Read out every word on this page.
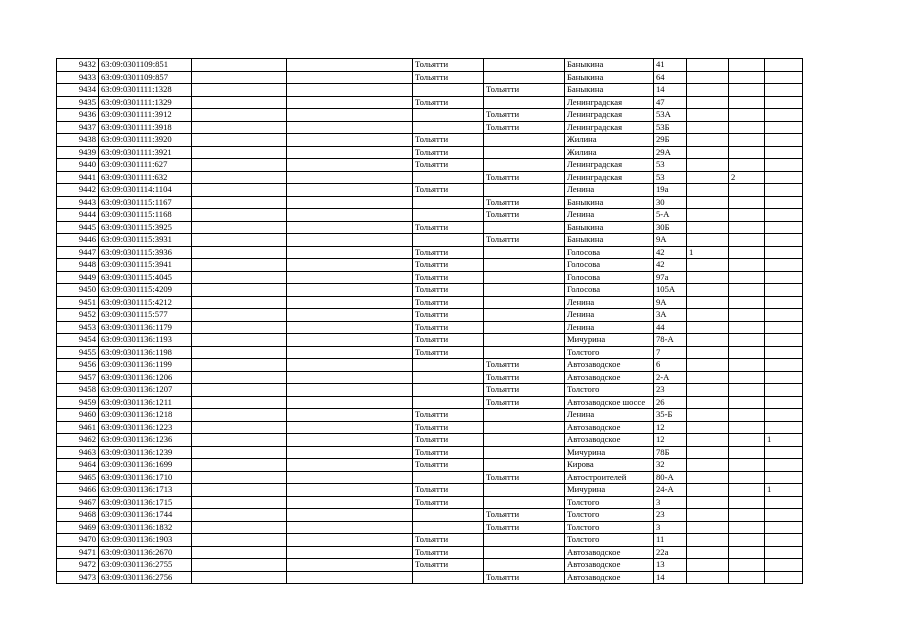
9432	63:09:0301109:851			Тольятти		Баныкина	41			
9433	63:09:0301109:857			Тольятти		Баныкина	64			
9434	63:09:0301111:1328				Тольятти	Баныкина	14			
9435	63:09:0301111:1329			Тольятти		Ленинградская	47			
9436	63:09:0301111:3912				Тольятти	Ленинградская	53А			
9437	63:09:0301111:3918				Тольятти	Ленинградская	53Б			
9438	63:09:0301111:3920			Тольятти		Жилина	29Б			
9439	63:09:0301111:3921			Тольятти		Жилина	29А			
9440	63:09:0301111:627			Тольятти		Ленинградская	53			
9441	63:09:0301111:632				Тольятти	Ленинградская	53		2	
9442	63:09:0301114:1104			Тольятти		Ленина	19а			
9443	63:09:0301115:1167				Тольятти	Баныкина	30			
9444	63:09:0301115:1168				Тольятти	Ленина	5-А			
9445	63:09:0301115:3925			Тольятти		Баныкина	30Б			
9446	63:09:0301115:3931				Тольятти	Баныкина	9А			
9447	63:09:0301115:3936			Тольятти		Голосова	42	1		
9448	63:09:0301115:3941			Тольятти		Голосова	42			
9449	63:09:0301115:4045			Тольятти		Голосова	97а			
9450	63:09:0301115:4209			Тольятти		Голосова	105А			
9451	63:09:0301115:4212			Тольятти		Ленина	9А			
9452	63:09:0301115:577			Тольятти		Ленина	3А			
9453	63:09:0301136:1179			Тольятти		Ленина	44			
9454	63:09:0301136:1193			Тольятти		Мичурина	78-А			
9455	63:09:0301136:1198			Тольятти		Толстого	7			
9456	63:09:0301136:1199				Тольятти	Автозаводское	6			
9457	63:09:0301136:1206				Тольятти	Автозаводское	2-А			
9458	63:09:0301136:1207				Тольятти	Толстого	23			
9459	63:09:0301136:1211				Тольятти	Автозаводское шоссе	26			
9460	63:09:0301136:1218			Тольятти		Ленина	35-Б			
9461	63:09:0301136:1223			Тольятти		Автозаводское	12			
9462	63:09:0301136:1236			Тольятти		Автозаводское	12			1
9463	63:09:0301136:1239			Тольятти		Мичурина	78Б			
9464	63:09:0301136:1699			Тольятти		Кирова	32			
9465	63:09:0301136:1710				Тольятти	Автостроителей	80-А			
9466	63:09:0301136:1713			Тольятти		Мичурина	24-А			1
9467	63:09:0301136:1715			Тольятти		Толстого	3			
9468	63:09:0301136:1744				Тольятти	Толстого	23			
9469	63:09:0301136:1832				Тольятти	Толстого	3			
9470	63:09:0301136:1903			Тольятти		Толстого	11			
9471	63:09:0301136:2670			Тольятти		Автозаводское	22а			
9472	63:09:0301136:2755			Тольятти		Автозаводское	13			
9473	63:09:0301136:2756				Тольятти	Автозаводское	14			
